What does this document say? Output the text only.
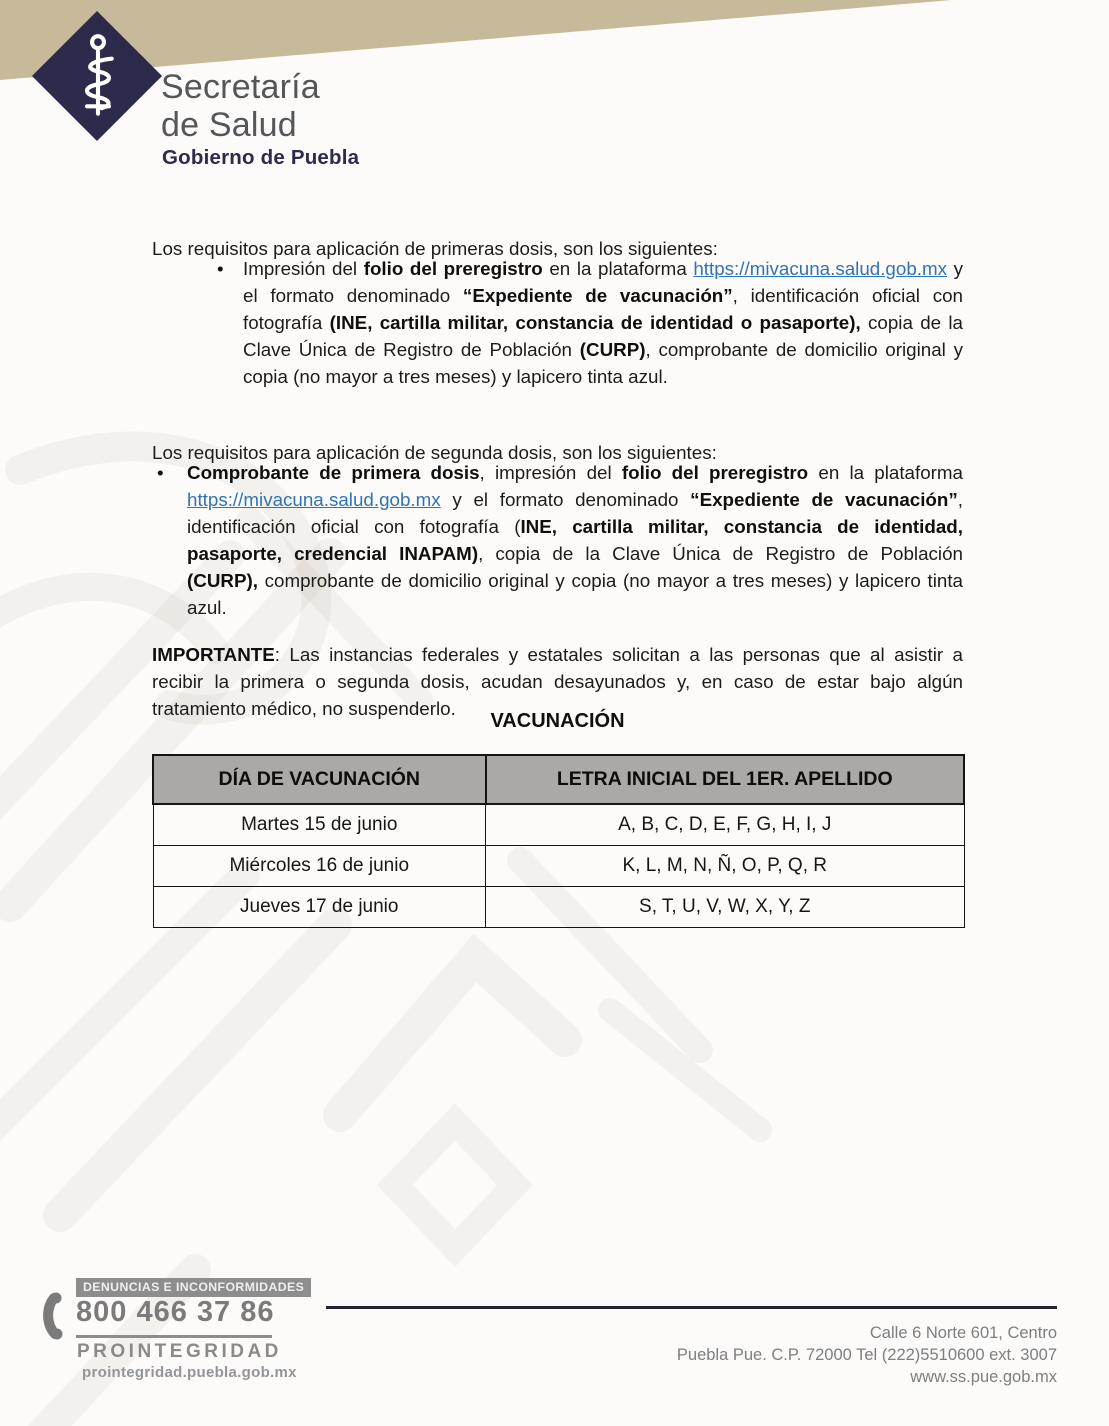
Secretaría
de Salud
Gobierno de Puebla

Los requisitos para aplicación de primeras dosis, son los siguientes:

•	Impresión del folio del preregistro en la plataforma https://mivacuna.salud.gob.mx y el formato denominado “Expediente de vacunación”, identificación oficial con fotografía (INE, cartilla militar, constancia de identidad o pasaporte), copia de la Clave Única de Registro de Población (CURP), comprobante de domicilio original y copia (no mayor a tres meses) y lapicero tinta azul.

Los requisitos para aplicación de segunda dosis, son los siguientes:

•	Comprobante de primera dosis, impresión del folio del preregistro en la plataforma https://mivacuna.salud.gob.mx y el formato denominado “Expediente de vacunación”, identificación oficial con fotografía (INE, cartilla militar, constancia de identidad, pasaporte, credencial INAPAM), copia de la Clave Única de Registro de Población (CURP), comprobante de domicilio original y copia (no mayor a tres meses) y lapicero tinta azul.

IMPORTANTE: Las instancias federales y estatales solicitan a las personas que al asistir a recibir la primera o segunda dosis, acudan desayunados y, en caso de estar bajo algún tratamiento médico, no suspenderlo.

VACUNACIÓN
DÍA DE VACUNACIÓN	LETRA INICIAL DEL 1ER. APELLIDO
Martes 15 de junio	A, B, C, D, E, F, G, H, I, J
Miércoles 16 de junio	K, L, M, N, Ñ, O, P, Q, R
Jueves 17 de junio	S, T, U, V, W, X, Y, Z
DENUNCIAS E INCONFORMIDADES
800 466 37 86
PROINTEGRIDAD
prointegridad.puebla.gob.mx
Calle 6 Norte 601, Centro
Puebla Pue. C.P. 72000 Tel (222)5510600 ext. 3007
www.ss.pue.gob.mx
